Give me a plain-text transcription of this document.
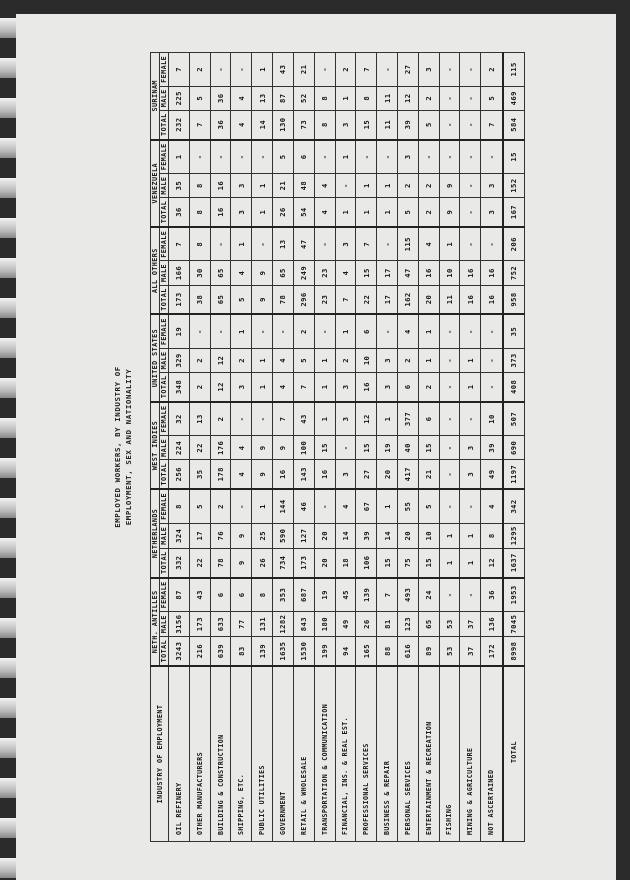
EMPLOYED WORKERS, BY INDUSTRY OF EMPLOYMENT, SEX AND NATIONALITY
INDUSTRY OF EMPLOYMENT	NETH. ANTILLES			NETHERLANDS			WEST INDIES			UNITED STATES			ALL OTHERS			VENEZUELA			SURINAM		
	TOTAL	MALE	FEMALE	TOTAL	MALE	FEMALE	TOTAL	MALE	FEMALE	TOTAL	MALE	FEMALE	TOTAL	MALE	FEMALE	TOTAL	MALE	FEMALE	TOTAL	MALE	FEMALE
OIL REFINERY	3243	3156	87	332	324	8	256	224	32	348	329	19	173	166	7	36	35	1	232	225	7
OTHER MANUFACTURERS	216	173	43	22	17	5	35	22	13	2	2	-	38	30	8	8	8	-	7	5	2
BUILDING & CONSTRUCTION	639	633	6	78	76	2	178	176	2	12	12	-	65	65	-	16	16	-	36	36	-
SHIPPING, ETC.	83	77	6	9	9	-	4	4	-	3	2	1	5	4	1	3	3	-	4	4	-
PUBLIC UTILITIES	139	131	8	26	25	1	9	9	-	1	1	-	9	9	-	1	1	-	14	13	1
GOVERNMENT	1635	1282	353	734	590	144	16	9	7	4	4	-	78	65	13	26	21	5	130	87	43
RETAIL & WHOLESALE	1530	843	687	173	127	46	143	100	43	7	5	2	296	249	47	54	48	6	73	52	21
TRANSPORTATION & COMMUNICATION	199	180	19	20	20	-	16	15	1	1	1	-	23	23	-	4	4	-	8	8	-
FINANCIAL, INS. & REAL EST.	94	49	45	18	14	4	3	-	3	3	2	1	7	4	3	1	-	1	3	1	2
PROFESSIONAL SERVICES	165	26	139	106	39	67	27	15	12	16	10	6	22	15	7	1	1	-	15	8	7
BUSINESS & REPAIR	88	81	7	15	14	1	20	19	1	3	3	-	17	17	-	1	1	-	11	11	-
PERSONAL SERVICES	616	123	493	75	20	55	417	40	377	6	2	4	162	47	115	5	2	3	39	12	27
ENTERTAINMENT & RECREATION	89	65	24	15	10	5	21	15	6	2	1	1	20	16	4	2	2	-	5	2	3
FISHING	53	53	-	1	1	-	-	-	-	-	-	-	11	10	1	9	9	-	-	-	-
MINING & AGRICULTURE	37	37	-	1	1	-	3	3	-	1	1	-	16	16	-	-	-	-	-	-	-
NOT ASCERTAINED	172	136	36	12	8	4	49	39	10	-	-	-	16	16	-	3	3	-	7	5	2
TOTAL	8998	7045	1953	1637	1295	342	1197	690	507	408	373	35	958	752	206	167	152	15	584	469	115
